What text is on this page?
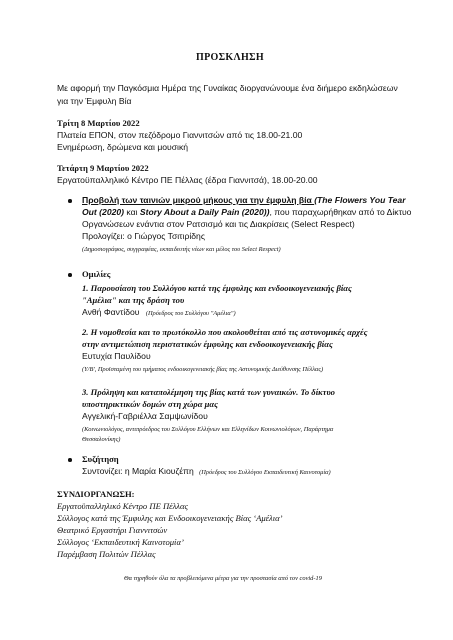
ΠΡΟΣΚΛΗΣΗ
Με αφορμή την Παγκόσμια Ημέρα της Γυναίκας διοργανώνουμε ένα διήμερο εκδηλώσεων
για την Έμφυλη Βία
Τρίτη 8 Μαρτίου 2022
Πλατεία ΕΠΟΝ, στον πεζόδρομο Γιαννιτσών από τις 18.00-21.00
Ενημέρωση, δρώμενα και μουσική
Τετάρτη 9 Μαρτίου 2022
Εργατοϋπαλληλικό Κέντρο ΠΕ Πέλλας (έδρα Γιαννιτσά), 18.00-20.00
Προβολή των ταινιών μικρού μήκους για την έμφυλη βία (The Flowers You Tear
Out (2020) και Story About a Daily Pain (2020)), που παραχωρήθηκαν από το Δίκτυο
Οργανώσεων ενάντια στον Ρατσισμό και τις Διακρίσεις (Select Respect)
Προλογίζει: ο Γιώργος Τσιτιρίδης
(Δημοσιογράφος, συγγραφέας, εκπαιδευτής νέων και μέλος του Select Respect)
Ομιλίες
1. Παρουσίαση του Συλλόγου κατά της έμφυλης και ενδοοικογενειακής βίας
"Αμέλια" και της δράση του
Ανθή Φαντίδου (Πρόεδρος του Συλλόγου "Αμέλια")
2. Η νομοθεσία και το πρωτόκολλο που ακολουθείται από τις αστυνομικές αρχές
στην αντιμετώπιση περιστατικών έμφυλης και ενδοοικογενειακής βίας
Ευτυχία Παυλίδου
(Υ/Β', Προϊσταμένη του τμήματος ενδοοικογενειακής βίας της Αστυνομικής Διεύθυνσης Πέλλας)
3. Πρόληψη και καταπολέμηση της βίας κατά των γυναικών. Το δίκτυο
υποστηρικτικών δομών στη χώρα μας
Αγγελική-Γαβριέλλα Σαμψωνίδου
(Κοινωνιολόγος, αντιπρόεδρος του Συλλόγου Ελλήνων και Ελληνίδων Κοινωνιολόγων, Παράρτημα
Θεσσαλονίκης)
Συζήτηση
Συντονίζει: η Μαρία Κιουζέπη (Πρόεδρος του Συλλόγου Εκπαιδευτική Καινοτομία)
ΣΥΝΔΙΟΡΓΑΝΩΣΗ:
Εργατοϋπαλληλικό Κέντρο ΠΕ Πέλλας
Σύλλογος κατά της Έμφυλης και Ενδοοικογενειακής Βίας ‘Αμέλια’
Θεατρικό Εργαστήρι Γιαννιτσών
Σύλλογος ‘Εκπαιδευτική Καινοτομία’
Παρέμβαση Πολιτών Πέλλας
Θα τηρηθούν όλα τα προβλεπόμενα μέτρα για την προστασία από τον covid-19
